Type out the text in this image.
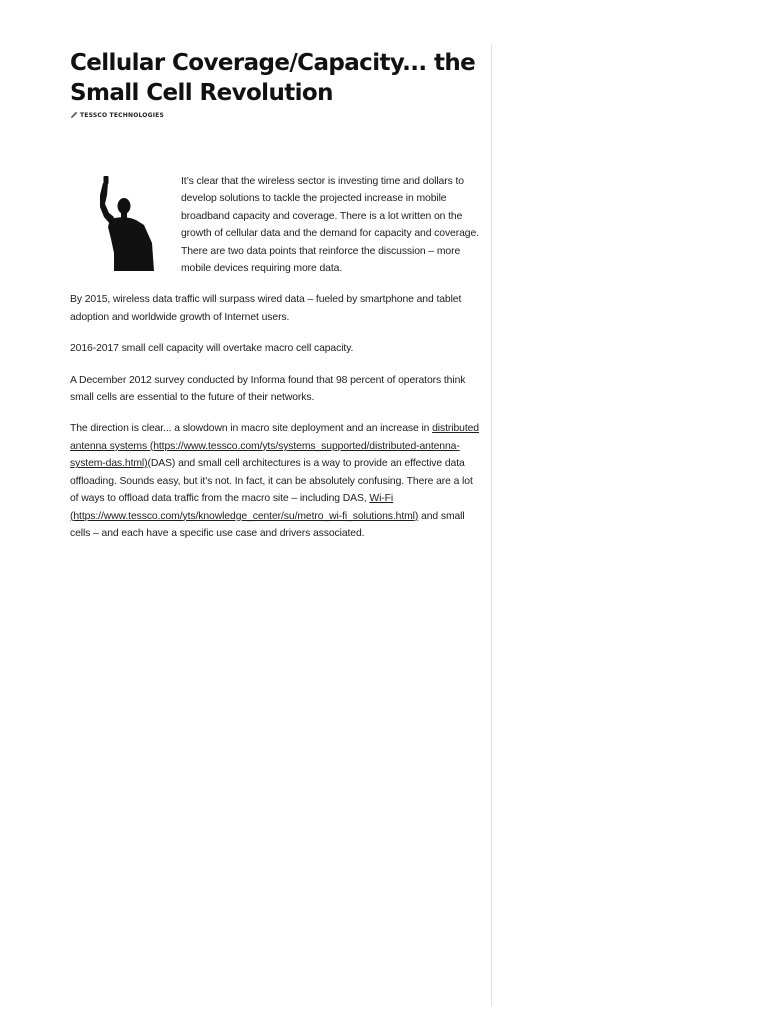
Cellular Coverage/Capacity... the Small Cell Revolution
TESSCO TECHNOLOGIES

It’s clear that the wireless sector is investing time and dollars to develop solutions to tackle the projected increase in mobile broadband capacity and coverage. There is a lot written on the growth of cellular data and the demand for capacity and coverage. There are two data points that reinforce the discussion – more mobile devices requiring more data.

By 2015, wireless data traffic will surpass wired data – fueled by smartphone and tablet adoption and worldwide growth of Internet users.

2016-2017 small cell capacity will overtake macro cell capacity.

A December 2012 survey conducted by Informa found that 98 percent of operators think small cells are essential to the future of their networks.

The direction is clear... a slowdown in macro site deployment and an increase in distributed antenna systems (https://www.tessco.com/yts/systems_supported/distributed-antenna-system-das.html)(DAS) and small cell architectures is a way to provide an effective data offloading. Sounds easy, but it’s not. In fact, it can be absolutely confusing. There are a lot of ways to offload data traffic from the macro site – including DAS, Wi-Fi (https://www.tessco.com/yts/knowledge_center/su/metro_wi-fi_solutions.html) and small cells – and each have a specific use case and drivers associated.
